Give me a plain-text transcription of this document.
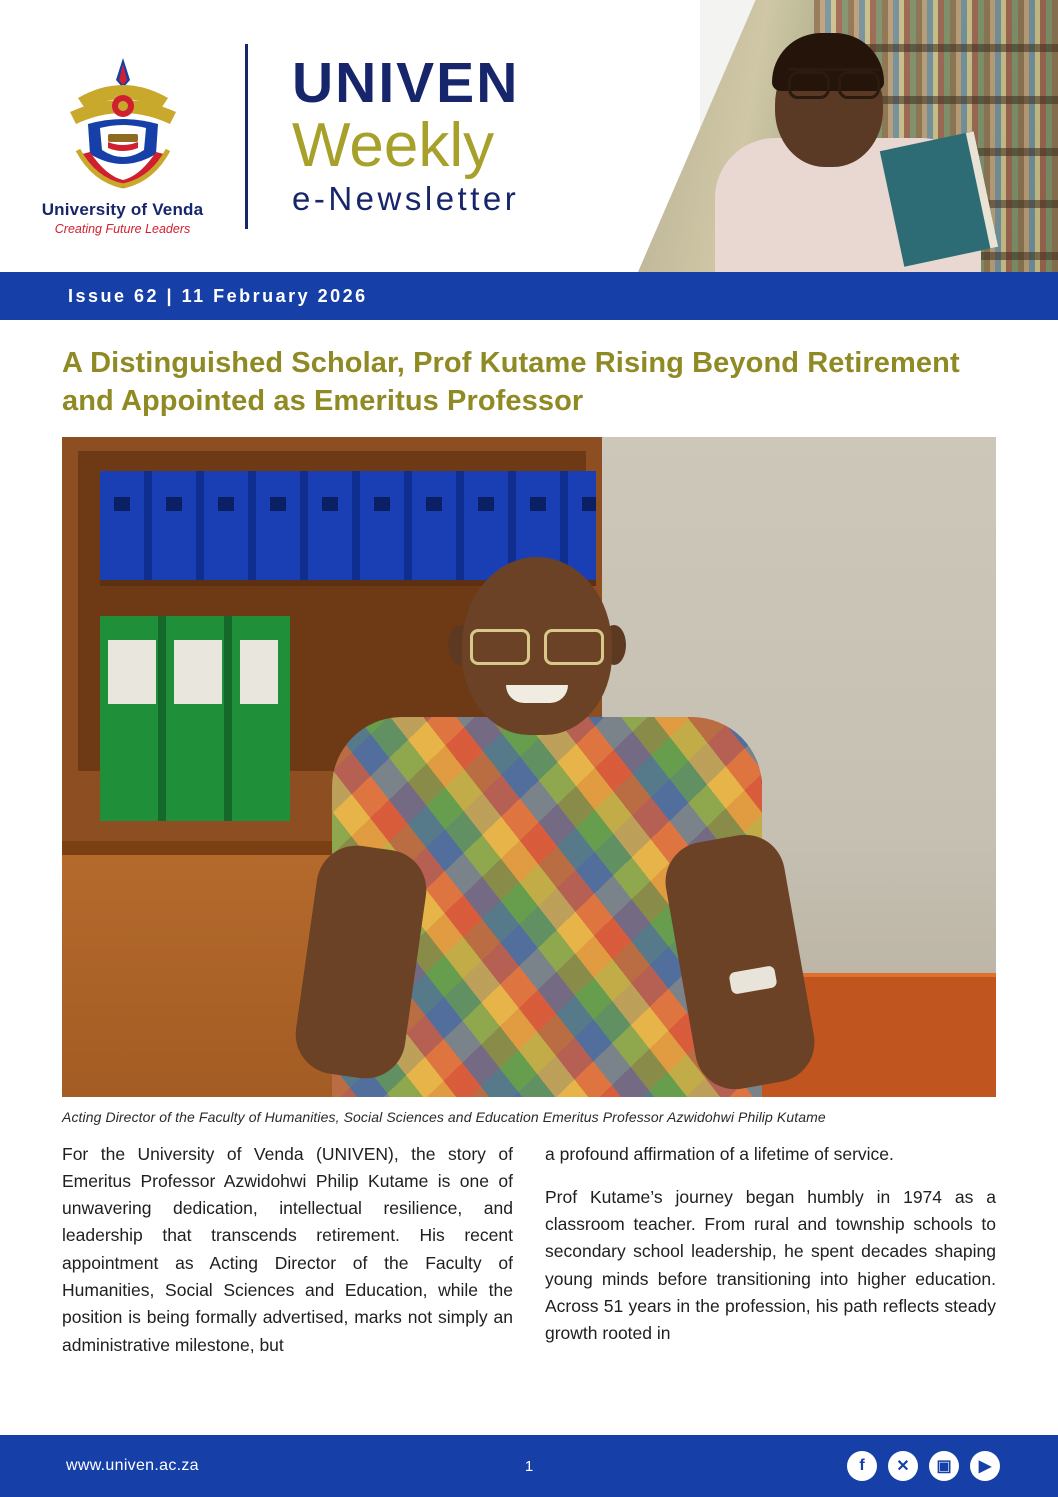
University of Venda
Creating Future Leaders
UNIVEN
Weekly
e-Newsletter
Issue 62 | 11 February 2026
A Distinguished Scholar, Prof Kutame Rising Beyond Retirement and Appointed as Emeritus Professor
Acting Director of the Faculty of Humanities, Social Sciences and Education Emeritus Professor Azwidohwi Philip Kutame

For the University of Venda (UNIVEN), the story of Emeritus Professor Azwidohwi Philip Kutame is one of unwavering dedication, intellectual resilience, and leadership that transcends retirement. His recent appointment as Acting Director of the Faculty of Humanities, Social Sciences and Education, while the position is being formally advertised, marks not simply an administrative milestone, but

a profound affirmation of a lifetime of service.

Prof Kutame’s journey began humbly in 1974 as a classroom teacher. From rural and township schools to secondary school leadership, he spent decades shaping young minds before transitioning into higher education. Across 51 years in the profession, his path reflects steady growth rooted in

www.univen.ac.za	1	f ✕ ▣ ▶
